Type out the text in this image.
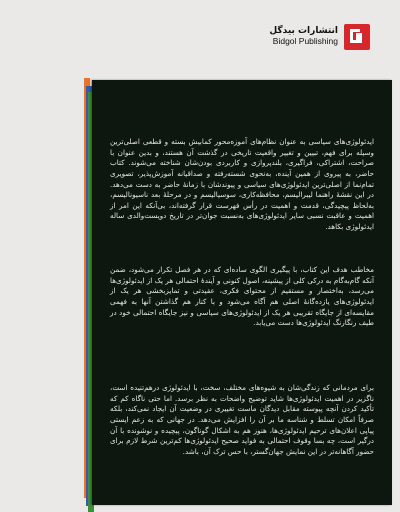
انتشارات بیدگل
Bidgol Publishing

ایدئولوژی‌های سیاسی به عنوان نظام‌های آموزه‌محور کمابیش بسته و قطعی اصلی‌ترین وسیله برای فهم، تبیین و تغییر واقعیت تاریخی در گذشت آن هستند، و بدین عنوان با صراحت، اشتراکی، فراگیری، بلندپروازی و کاربردی بودن‌شان شناخته می‌شوند. کتاب حاضر، به پیروی از همین آینده، به‌نحوی شسته‌رفته و صداقیانه آموزش‌پذیر، تصویری تمام‌نما از اصلی‌ترین ایدئولوژی‌های سیاسی و پیوندشان با زمانهٔ حاضر به دست می‌دهد. در این نقشهٔ راهنما لیبرالیسم، محافظه‌کاری، سوسیالیسم و در مرحلهٔ بعد ناسیونالیسم، به‌لحاظ پیچیدگی، قدمت و اهمیت در رأس فهرست قرار گرفته‌اند، بی‌آنکه این امر از اهمیت و عاقبت نسبی سایر ایدئولوژی‌های به‌نسبت جوان‌تر در تاریخ دویست‌والدی ساله ایدئولوژی بکاهد.

مخاطب هدف این کتاب، با پیگیری الگوی ساده‌ای که در هر فصل تکرار می‌شود، ضمن آنکه گام‌به‌گام به درکی کلی از پیشینه، اصول کنونی و آیندهٔ احتمالی هر یک از ایدئولوژی‌ها می‌رسد، به‌اختصار و مستقیم از محتوای فکری، عقیدتی و تمایزبخشی هر یک از ایدئولوژی‌های یازده‌گانهٔ اصلی هم آگاه می‌شود و با کنار هم گذاشتن آنها به فهمی مقایسه‌ای از جایگاه تقریبی هر یک از ایدئولوژی‌های سیاسی و نیز جایگاه احتمالی خود در طیف رنگارنگ ایدئولوژی‌ها دست می‌یابد.

برای مردمانی که زندگی‌شان به شیوه‌های مختلف، سخت، با ایدئولوژی درهم‌تنیده است، ناگزیر در اهمیت ایدئولوژی‌ها شاید توضیح واضحات به نظر برسد. اما حتی ناگاه کم که تأکید کردن آنچه پیوسته مقابل دیدگان ماست تغییری در وضعیت آن ایجاد نمی‌کند، بلکه صرفاً امکان تسلط و شناسه ما بر آن را افزایش می‌دهد. در جهانی که به زعم ایستی پیاپی اعلان‌های ترحیم ایدئولوژی‌ها، هنوز هم به اشکال گوناگون، پیچیده و نوشونده با آن درگیر است، چه بسا وقوف احتمالی به فواید صحیح ایدئولوژی‌ها کم‌ترین شرط لازم برای حضور آگاهانه‌تر در این نمایش جهان‌گستر، با حس ترک آن، باشد.
